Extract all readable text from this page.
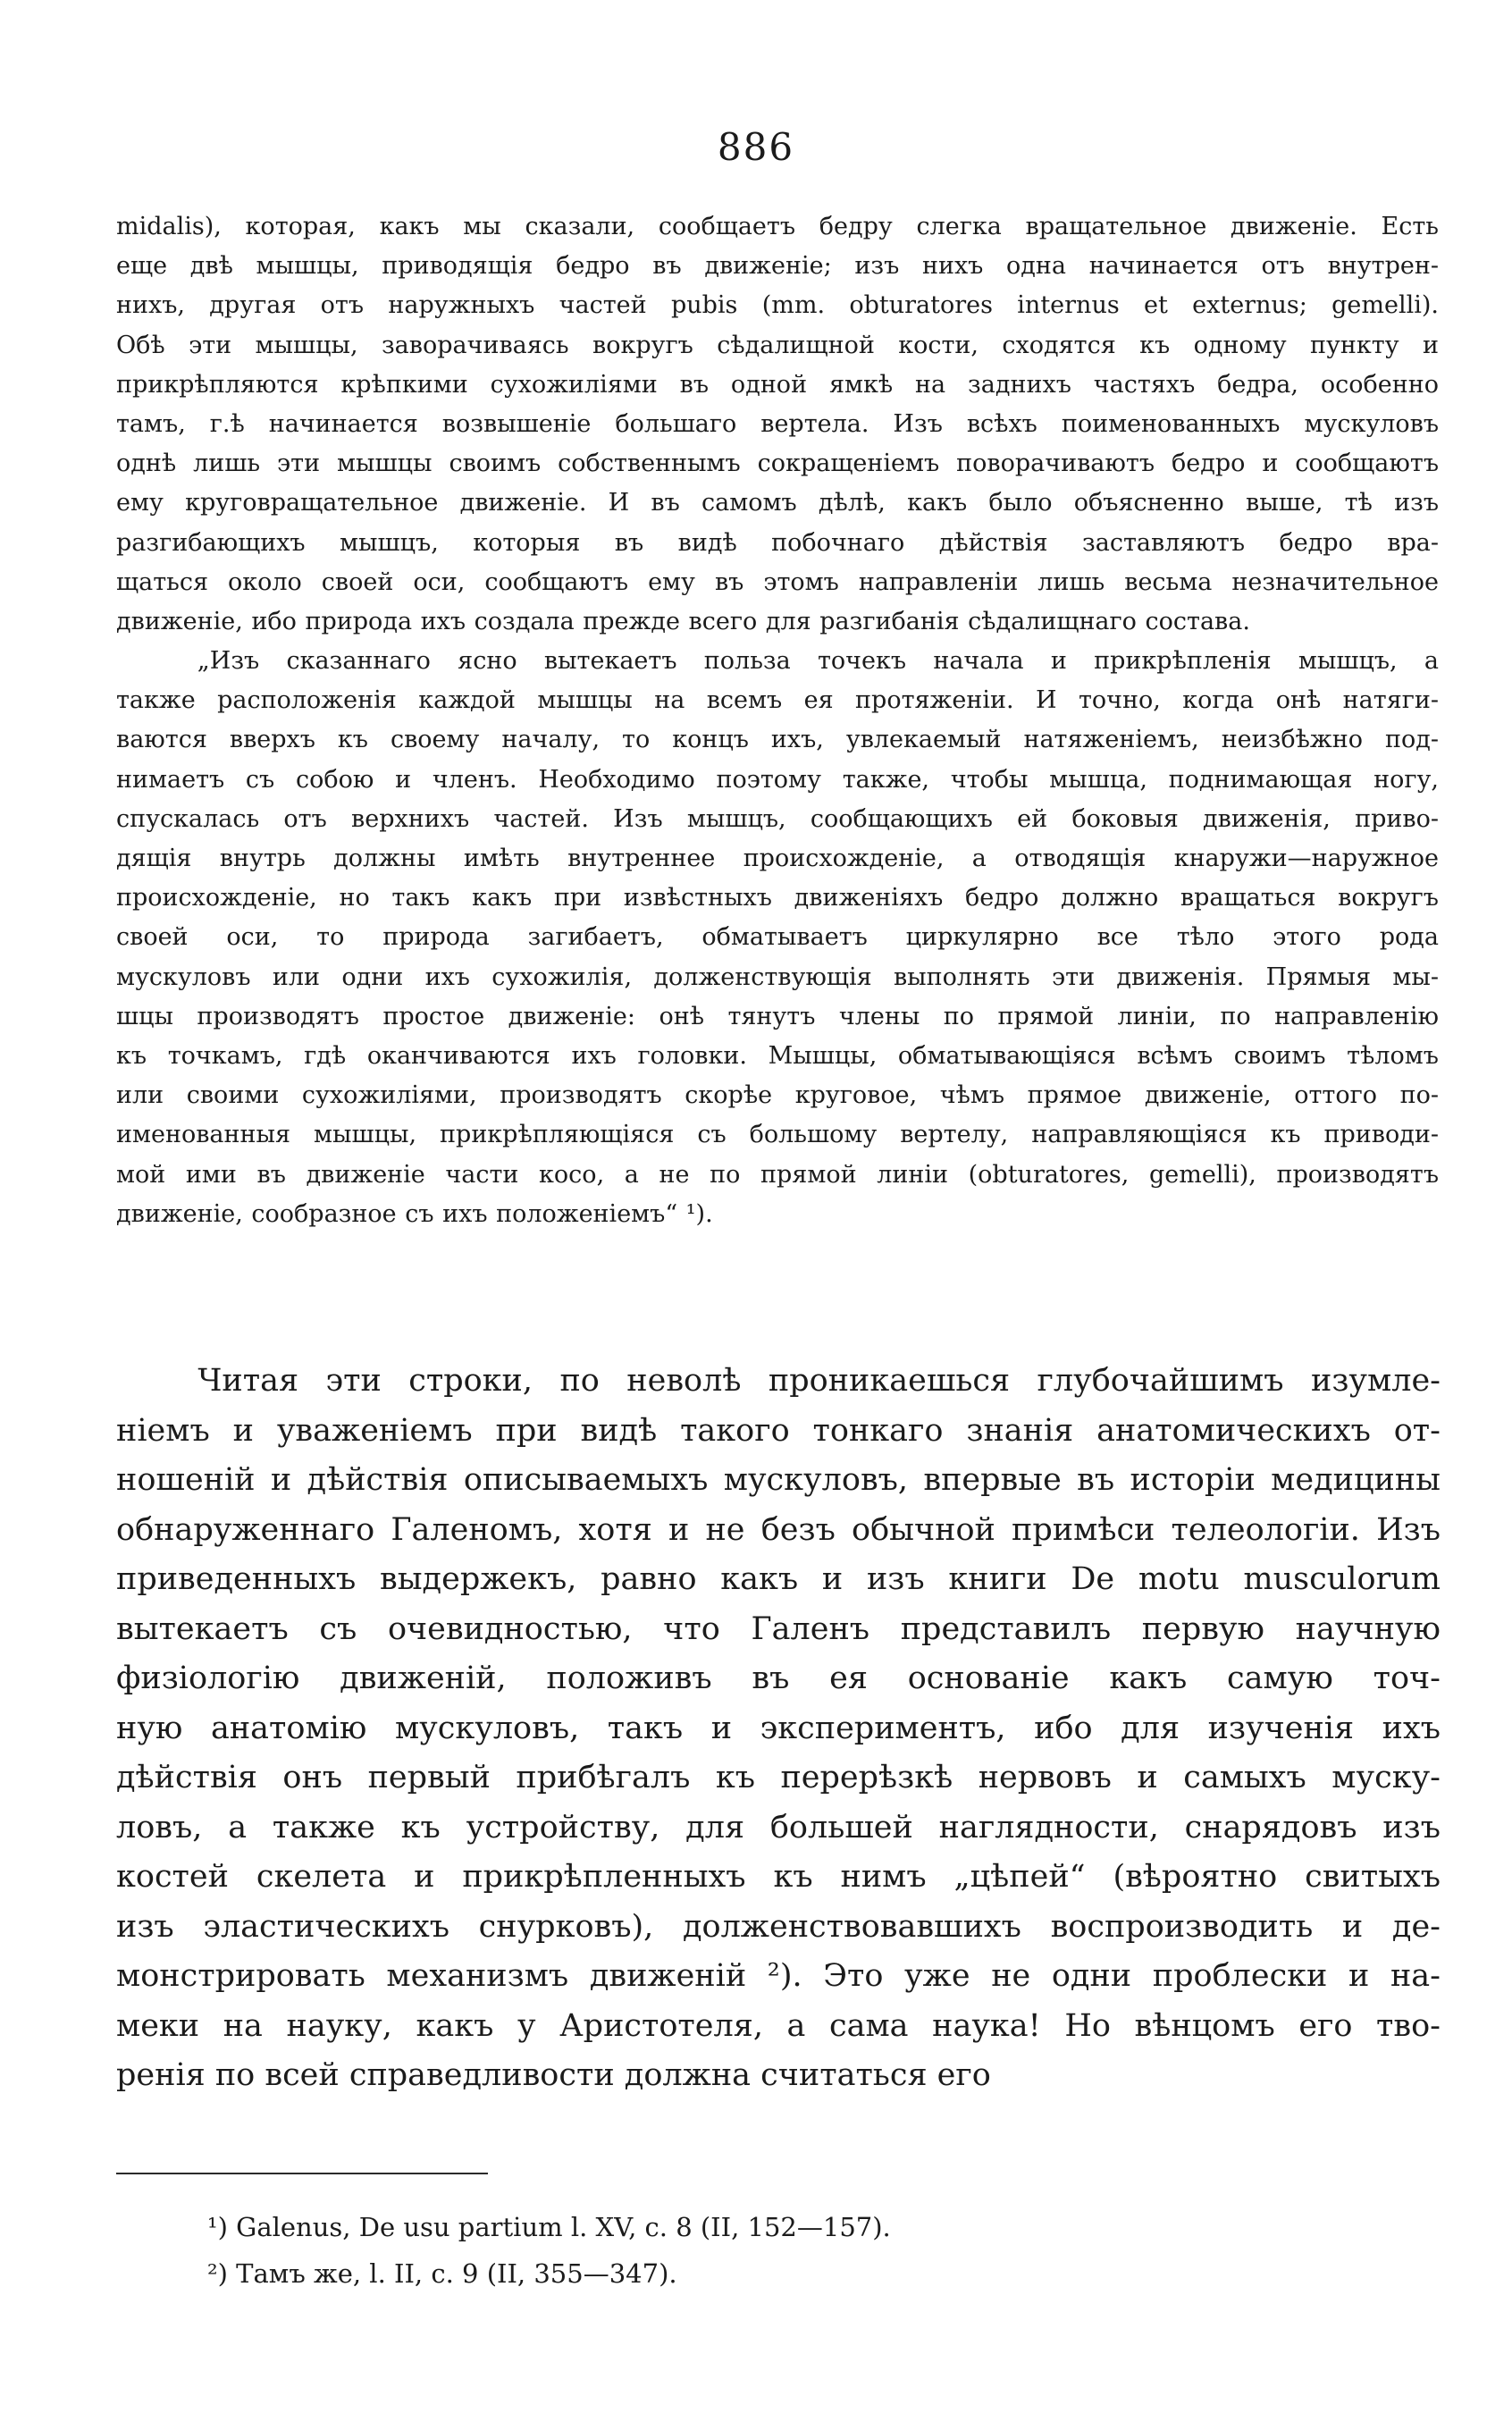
886
midalis), которая, какъ мы сказали, сообщаетъ бедру слегка вращательное движеніе. Есть
еще двѣ мышцы, приводящія бедро въ движеніе; изъ нихъ одна начинается отъ внутрен-
нихъ, другая отъ наружныхъ частей pubis (mm. obturatores internus et externus; gemelli).
Обѣ эти мышцы, заворачиваясь вокругъ сѣдалищной кости, сходятся къ одному пункту и
прикрѣпляются крѣпкими сухожиліями въ одной ямкѣ на заднихъ частяхъ бедра, особенно
тамъ, г.ѣ начинается возвышеніе большаго вертела. Изъ всѣхъ поименованныхъ мускуловъ
однѣ лишь эти мышцы своимъ собственнымъ сокращеніемъ поворачиваютъ бедро и сообщаютъ
ему круговращательное движеніе. И въ самомъ дѣлѣ, какъ было объясненно выше, тѣ изъ
разгибающихъ мышцъ, которыя въ видѣ побочнаго дѣйствія заставляютъ бедро вра-
щаться около своей оси, сообщаютъ ему въ этомъ направленіи лишь весьма незначительное
движеніе, ибо природа ихъ создала прежде всего для разгибанія сѣдалищнаго состава.
„Изъ сказаннаго ясно вытекаетъ польза точекъ начала и прикрѣпленія мышцъ, а
также расположенія каждой мышцы на всемъ ея протяженіи. И точно, когда онѣ натяги-
ваются вверхъ къ своему началу, то концъ ихъ, увлекаемый натяженіемъ, неизбѣжно под-
нимаетъ съ собою и членъ. Необходимо поэтому также, чтобы мышца, поднимающая ногу,
спускалась отъ верхнихъ частей. Изъ мышцъ, сообщающихъ ей боковыя движенія, приво-
дящія внутрь должны имѣть внутреннее происхожденіе, а отводящія кнаружи—наружное
происхожденіе, но такъ какъ при извѣстныхъ движеніяхъ бедро должно вращаться вокругъ
своей оси, то природа загибаетъ, обматываетъ циркулярно все тѣло этого рода
мускуловъ или одни ихъ сухожилія, долженствующія выполнять эти движенія. Прямыя мы-
шцы производятъ простое движеніе: онѣ тянутъ члены по прямой линіи, по направленію
къ точкамъ, гдѣ оканчиваются ихъ головки. Мышцы, обматывающіяся всѣмъ своимъ тѣломъ
или своими сухожиліями, производятъ скорѣе круговое, чѣмъ прямое движеніе, оттого по-
именованныя мышцы, прикрѣпляющіяся съ большому вертелу, направляющіяся къ приводи-
мой ими въ движеніе части косо, а не по прямой линіи (obturatores, gemelli), производятъ
движеніе, сообразное съ ихъ положеніемъ“ ¹).
Читая эти строки, по неволѣ проникаешься глубочайшимъ изумле-
ніемъ и уваженіемъ при видѣ такого тонкаго знанія анатомическихъ от-
ношеній и дѣйствія описываемыхъ мускуловъ, впервые въ исторіи медицины
обнаруженнаго Галеномъ, хотя и не безъ обычной примѣси телеологіи. Изъ
приведенныхъ выдержекъ, равно какъ и изъ книги De motu musculorum
вытекаетъ съ очевидностью, что Галенъ представилъ первую научную
физіологію движеній, положивъ въ ея основаніе какъ самую точ-
ную анатомію мускуловъ, такъ и экспериментъ, ибо для изученія ихъ
дѣйствія онъ первый прибѣгалъ къ перерѣзкѣ нервовъ и самыхъ муску-
ловъ, а также къ устройству, для большей наглядности, снарядовъ изъ
костей скелета и прикрѣпленныхъ къ нимъ „цѣпей“ (вѣроятно свитыхъ
изъ эластическихъ снурковъ), долженствовавшихъ воспроизводить и де-
монстрировать механизмъ движеній ²). Это уже не одни проблески и на-
меки на науку, какъ у Аристотеля, а сама наука! Но вѣнцомъ его тво-
ренія по всей справедливости должна считаться его
¹) Galenus, De usu partium l. XV, c. 8 (II, 152—157).
²) Тамъ же, l. II, c. 9 (II, 355—347).
